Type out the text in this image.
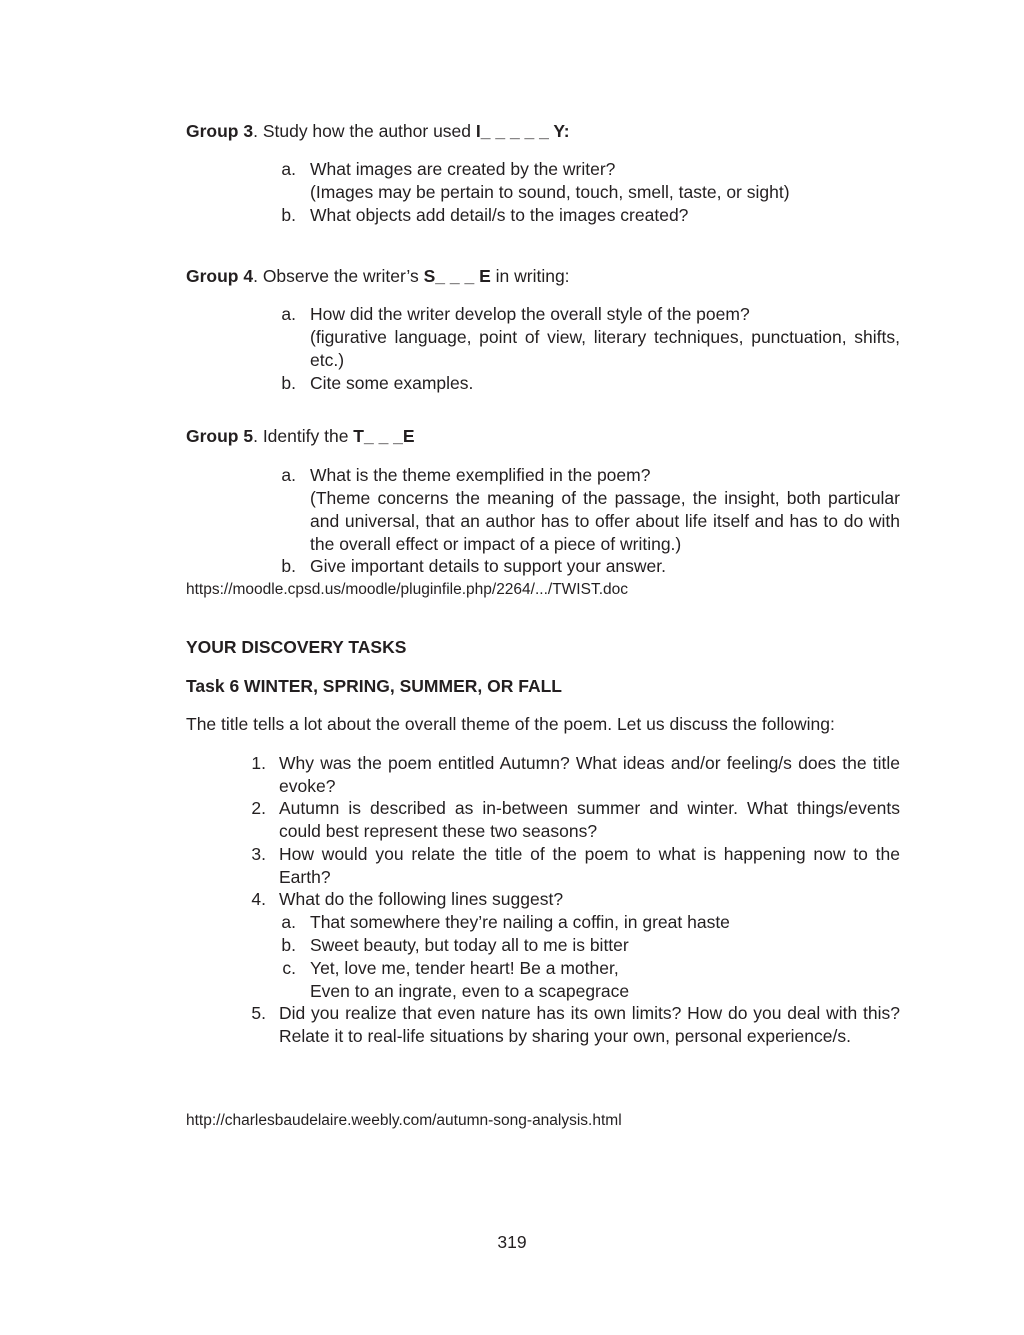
Group 3. Study how the author used I_ _ _ _ _ Y:
a. What images are created by the writer?
(Images may be pertain to sound, touch, smell, taste, or sight)
b. What objects add detail/s to the images created?
Group 4. Observe the writer’s S_ _ _ E in writing:
a. How did the writer develop the overall style of the poem?
(figurative language, point of view, literary techniques, punctuation, shifts, etc.)
b. Cite some examples.
Group 5. Identify the T_ _ _E
a. What is the theme exemplified in the poem?
(Theme concerns the meaning of the passage, the insight, both particular and universal, that an author has to offer about life itself and has to do with the overall effect or impact of a piece of writing.)
b. Give important details to support your answer.
https://moodle.cpsd.us/moodle/pluginfile.php/2264/.../TWIST.doc
YOUR DISCOVERY TASKS
Task 6 WINTER, SPRING, SUMMER, OR FALL
The title tells a lot about the overall theme of the poem. Let us discuss the following:
1. Why was the poem entitled Autumn? What ideas and/or feeling/s does the title evoke?
2. Autumn is described as in-between summer and winter. What things/events could best represent these two seasons?
3. How would you relate the title of the poem to what is happening now to the Earth?
4. What do the following lines suggest?
a. That somewhere they’re nailing a coffin, in great haste
b. Sweet beauty, but today all to me is bitter
c. Yet, love me, tender heart! Be a mother,
Even to an ingrate, even to a scapegrace
5. Did you realize that even nature has its own limits? How do you deal with this? Relate it to real-life situations by sharing your own, personal experience/s.
http://charlesbaudelaire.weebly.com/autumn-song-analysis.html
319
